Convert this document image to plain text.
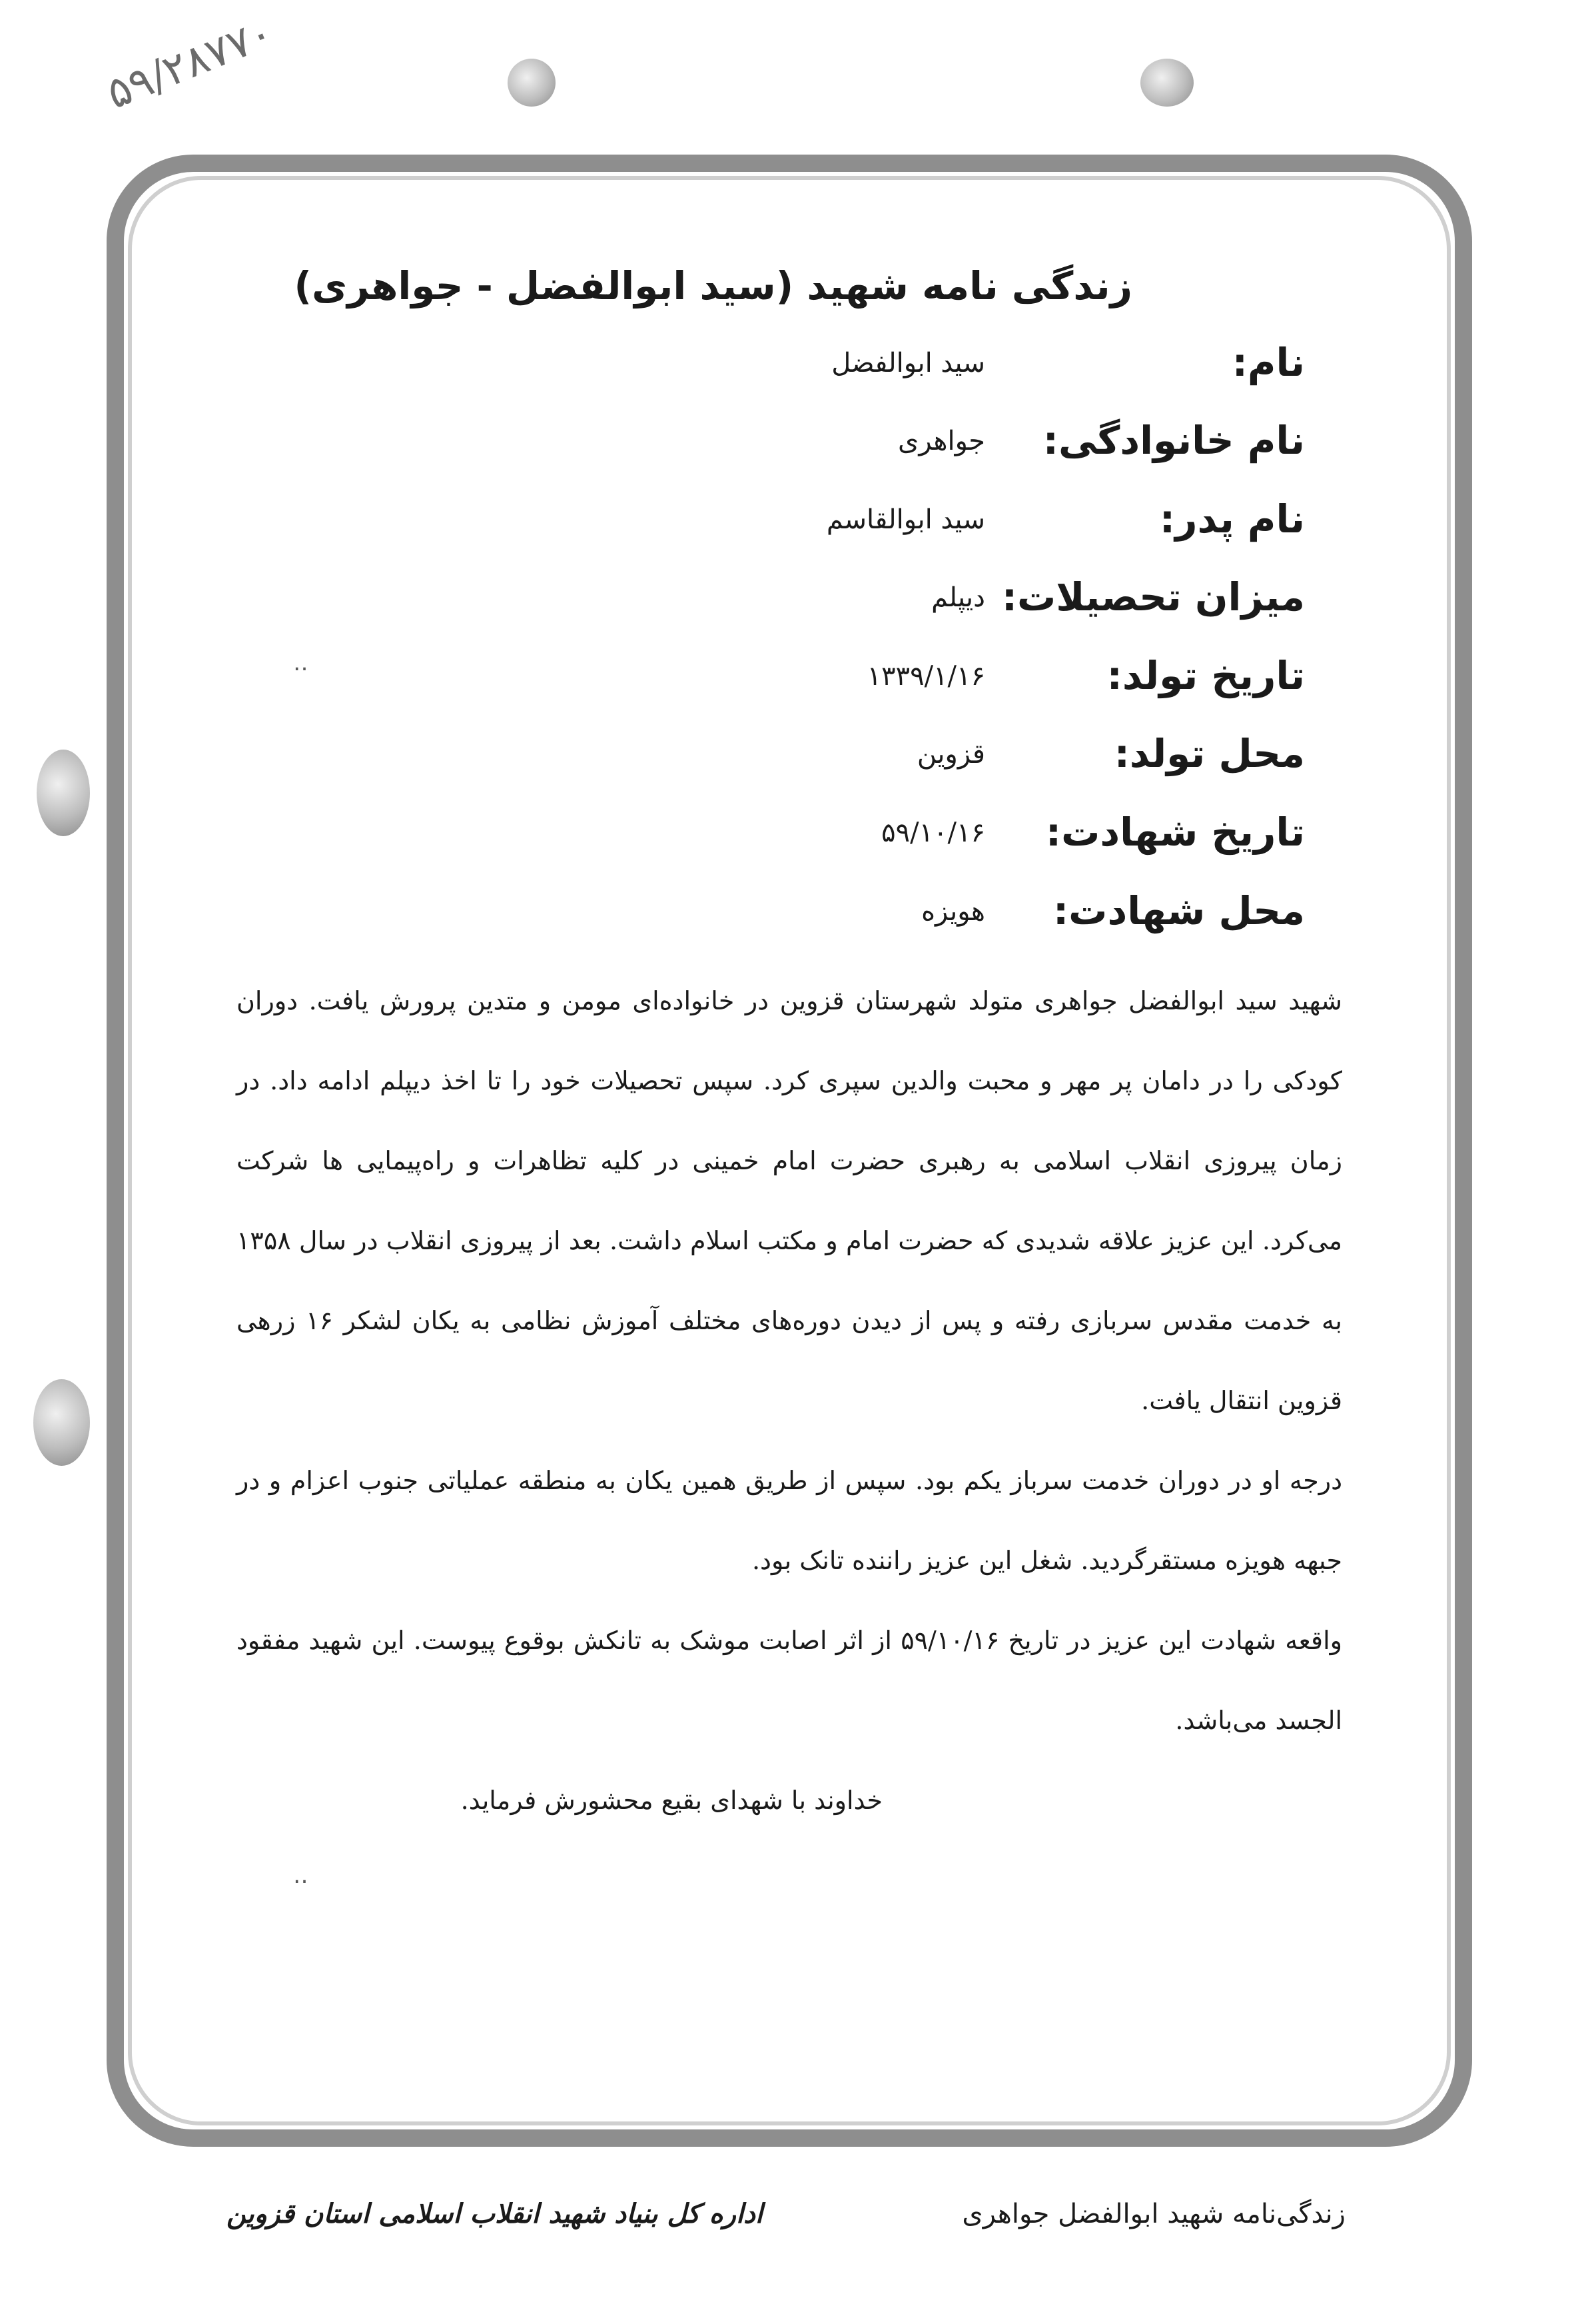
۵۹/۲۸۷۷۰
زندگی نامه شهید (سید ابوالفضل - جواهری)
نام:
سید ابوالفضل
نام خانوادگی:
جواهری
نام پدر:
سید ابوالقاسم
میزان تحصیلات:
دیپلم
تاریخ تولد:
۱۳۳۹/۱/۱۶
محل تولد:
قزوین
تاریخ شهادت:
۵۹/۱۰/۱۶
محل شهادت:
هویزه

شهید سید ابوالفضل جواهری متولد شهرستان قزوین در خانواده‌ای مومن و متدین پرورش یافت. دوران کودکی را در دامان پر مهر و محبت والدین سپری کرد. سپس تحصیلات خود را تا اخذ دیپلم ادامه داد. در زمان پیروزی انقلاب اسلامی به رهبری حضرت امام خمینی در کلیه تظاهرات و راه‌پیمایی ها شرکت می‌کرد. این عزیز علاقه شدیدی که حضرت امام و مکتب اسلام داشت. بعد از پیروزی انقلاب در سال ۱۳۵۸ به خدمت مقدس سربازی رفته و پس از دیدن دوره‌های مختلف آموزش نظامی به یکان لشکر ۱۶ زرهی قزوین انتقال یافت.

درجه او در دوران خدمت سرباز یکم بود. سپس از طریق همین یکان به منطقه عملیاتی جنوب اعزام و در جبهه هویزه مستقرگردید. شغل این عزیز راننده تانک بود.

واقعه شهادت این عزیز در تاریخ ۵۹/۱۰/۱۶ از اثر اصابت موشک به تانکش بوقوع پیوست. این شهید مفقود الجسد می‌باشد.

خداوند با شهدای بقیع محشورش فرماید.

‥
‥
زندگی‌نامه شهید ابوالفضل جواهری
اداره کل بنیاد شهید انقلاب اسلامی استان قزوین
